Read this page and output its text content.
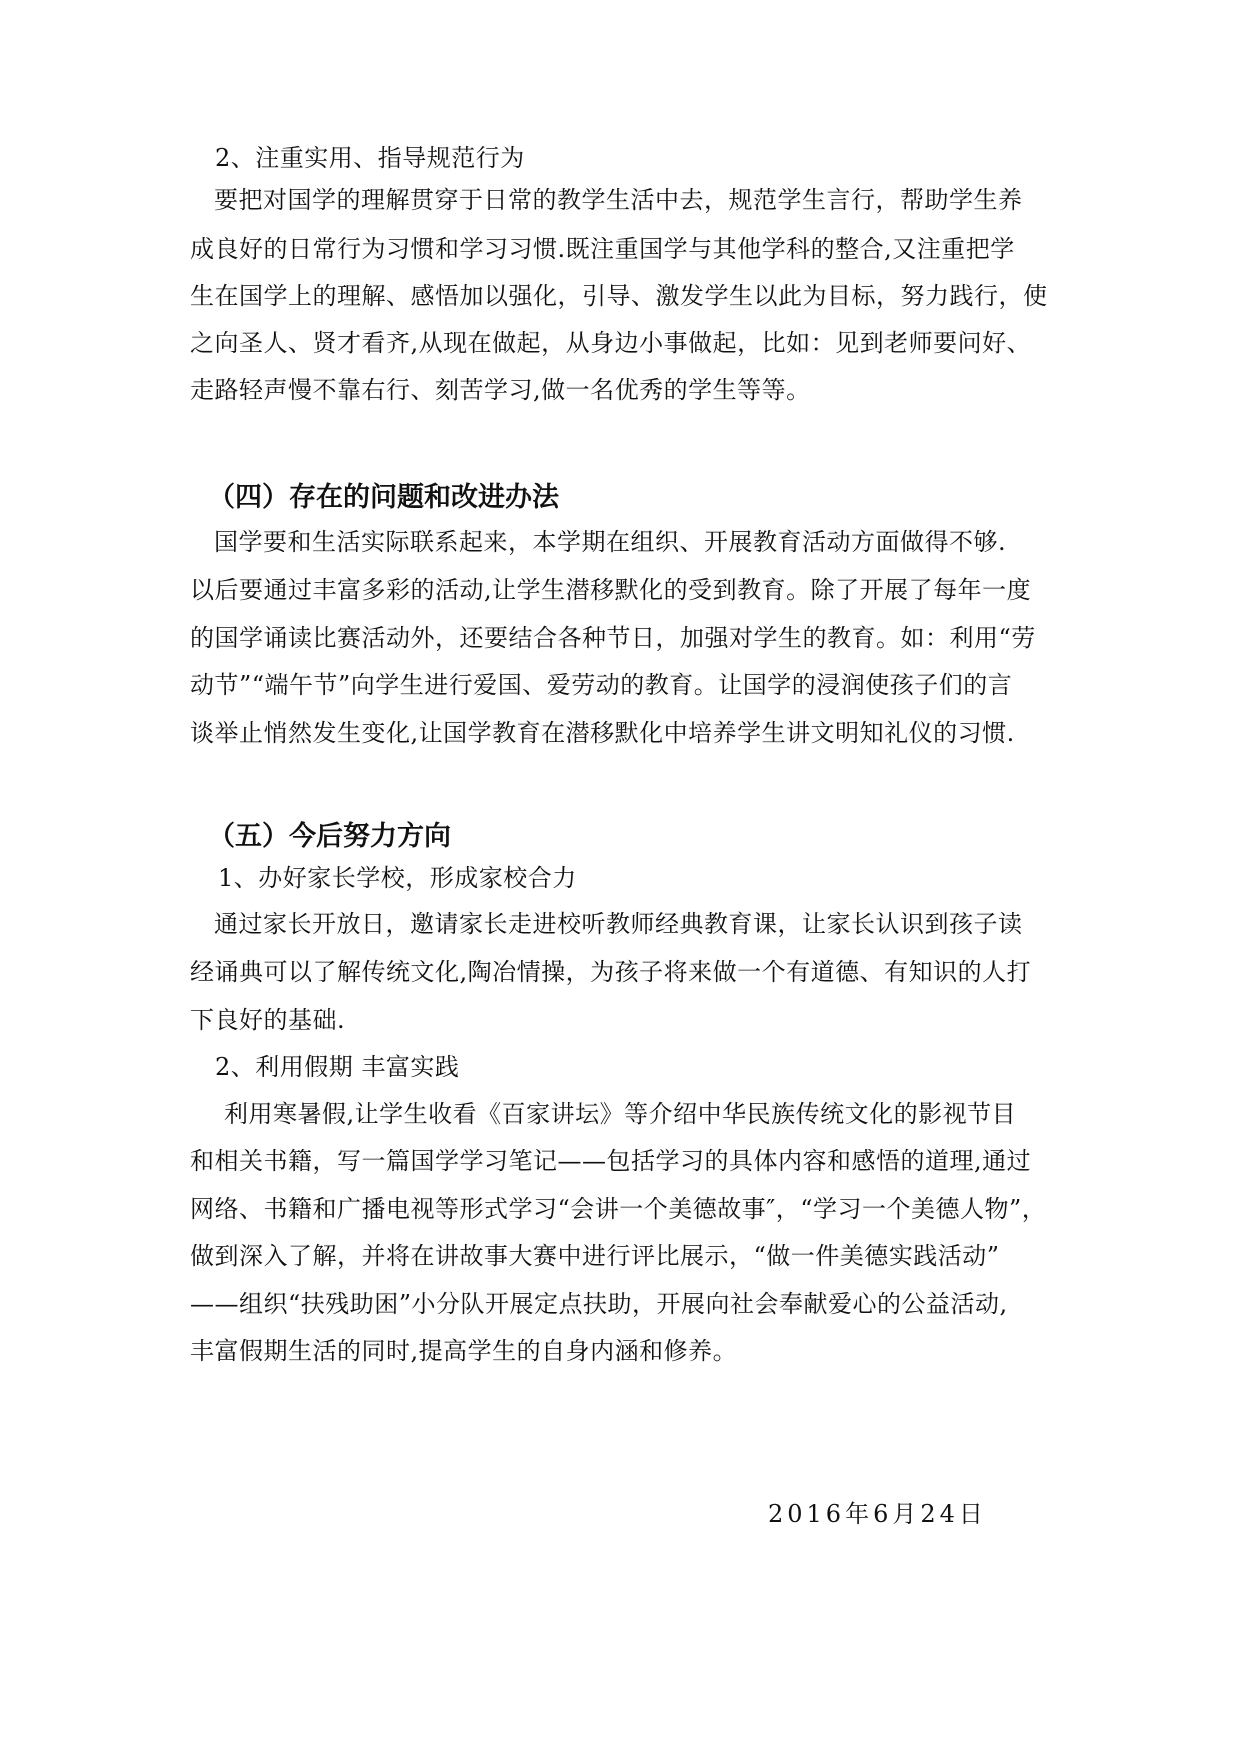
2、注重实用、指导规范行为
要把对国学的理解贯穿于日常的教学生活中去，规范学生言行，帮助学生养
成良好的日常行为习惯和学习习惯.既注重国学与其他学科的整合,又注重把学
生在国学上的理解、感悟加以强化，引导、激发学生以此为目标，努力践行，使
之向圣人、贤才看齐,从现在做起，从身边小事做起，比如：见到老师要问好、
走路轻声慢不靠右行、刻苦学习,做一名优秀的学生等等。
（四）存在的问题和改进办法
国学要和生活实际联系起来，本学期在组织、开展教育活动方面做得不够.
以后要通过丰富多彩的活动,让学生潜移默化的受到教育。除了开展了每年一度
的国学诵读比赛活动外，还要结合各种节日，加强对学生的教育。如：利用“劳
动节”“端午节”向学生进行爱国、爱劳动的教育。让国学的浸润使孩子们的言
谈举止悄然发生变化,让国学教育在潜移默化中培养学生讲文明知礼仪的习惯.
（五）今后努力方向
1、办好家长学校，形成家校合力
通过家长开放日，邀请家长走进校听教师经典教育课，让家长认识到孩子读
经诵典可以了解传统文化,陶冶情操，为孩子将来做一个有道德、有知识的人打
下良好的基础.
2、利用假期 丰富实践
利用寒暑假,让学生收看《百家讲坛》等介绍中华民族传统文化的影视节目
和相关书籍，写一篇国学学习笔记——包括学习的具体内容和感悟的道理,通过
网络、书籍和广播电视等形式学习“会讲一个美德故事″，“学习一个美德人物”，
做到深入了解，并将在讲故事大赛中进行评比展示，“做一件美德实践活动”
——组织“扶残助困”小分队开展定点扶助，开展向社会奉献爱心的公益活动,
丰富假期生活的同时,提高学生的自身内涵和修养。
2016年6月24日
